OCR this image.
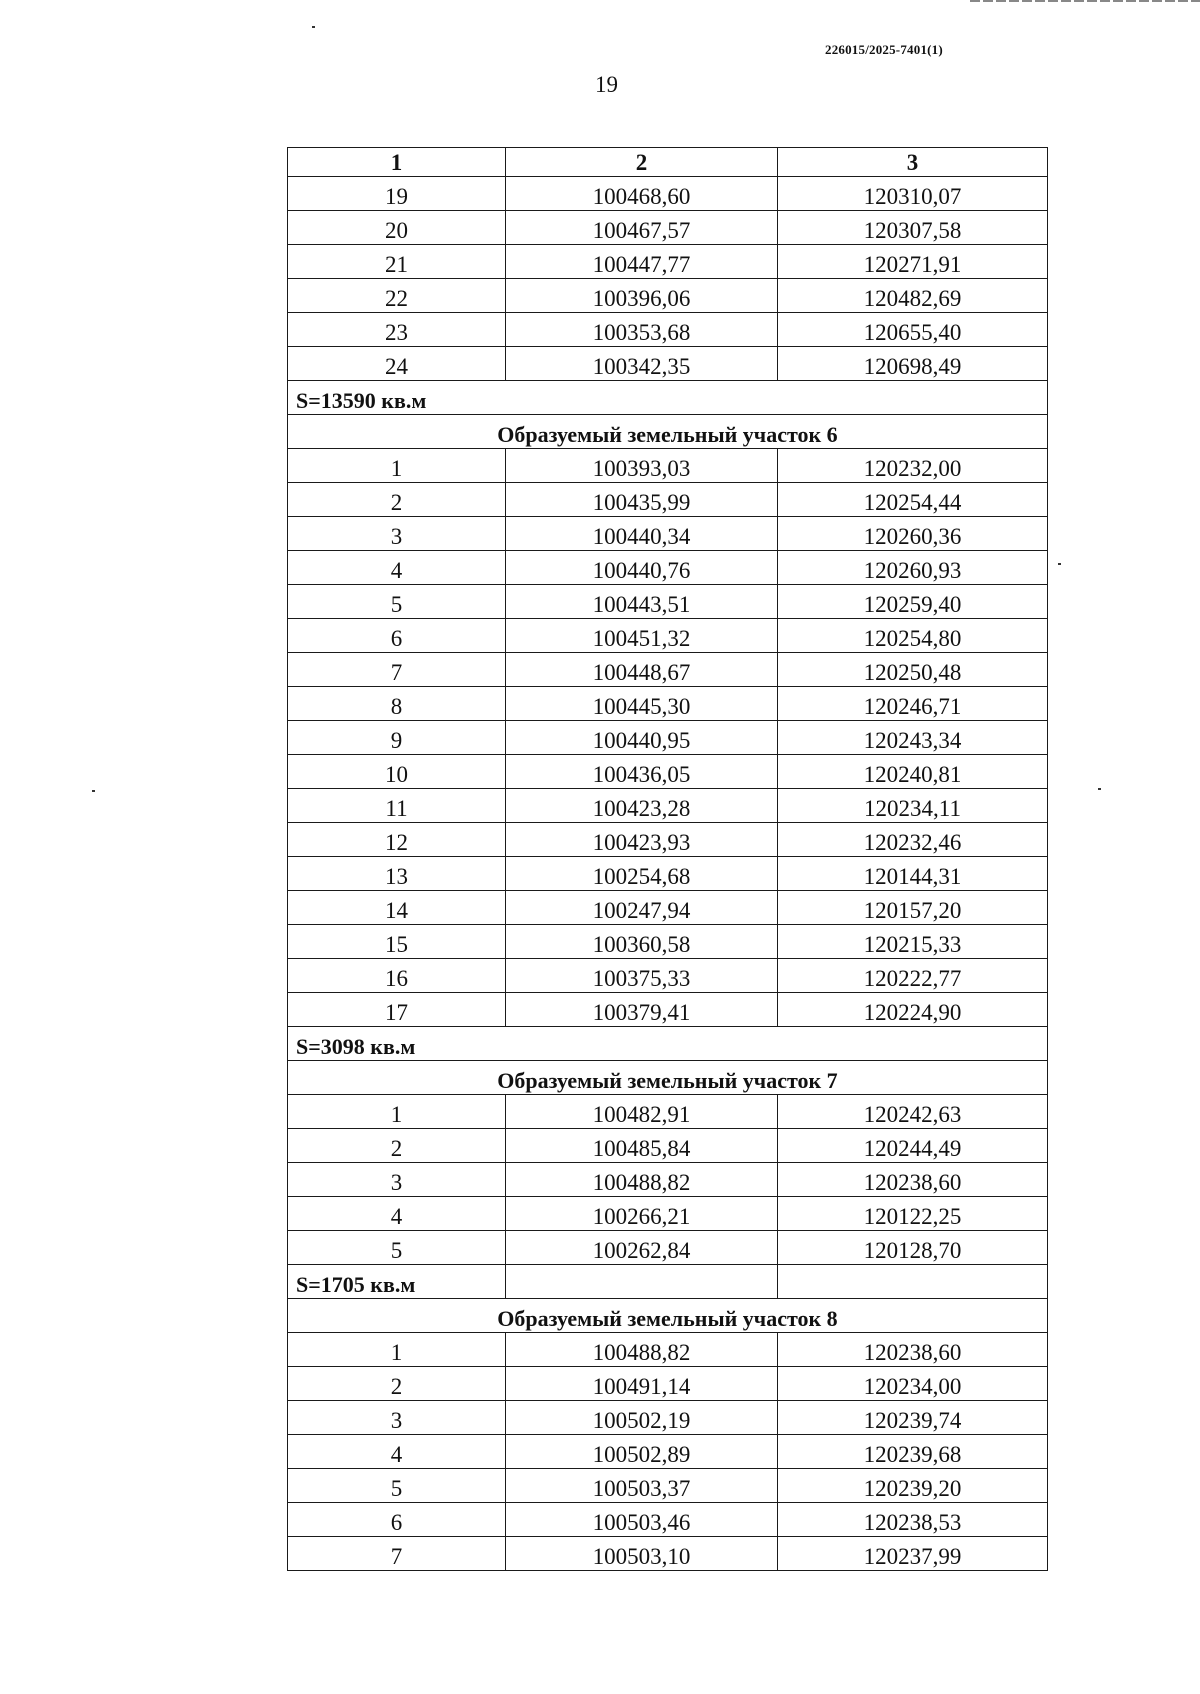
226015/2025-7401(1)
19
1	2	3
19	100468,60	120310,07
20	100467,57	120307,58
21	100447,77	120271,91
22	100396,06	120482,69
23	100353,68	120655,40
24	100342,35	120698,49
S=13590 кв.м		
Образуемый земельный участок 6		
1	100393,03	120232,00
2	100435,99	120254,44
3	100440,34	120260,36
4	100440,76	120260,93
5	100443,51	120259,40
6	100451,32	120254,80
7	100448,67	120250,48
8	100445,30	120246,71
9	100440,95	120243,34
10	100436,05	120240,81
11	100423,28	120234,11
12	100423,93	120232,46
13	100254,68	120144,31
14	100247,94	120157,20
15	100360,58	120215,33
16	100375,33	120222,77
17	100379,41	120224,90
S=3098 кв.м		
Образуемый земельный участок 7		
1	100482,91	120242,63
2	100485,84	120244,49
3	100488,82	120238,60
4	100266,21	120122,25
5	100262,84	120128,70
S=1705 кв.м		
Образуемый земельный участок 8		
1	100488,82	120238,60
2	100491,14	120234,00
3	100502,19	120239,74
4	100502,89	120239,68
5	100503,37	120239,20
6	100503,46	120238,53
7	100503,10	120237,99
